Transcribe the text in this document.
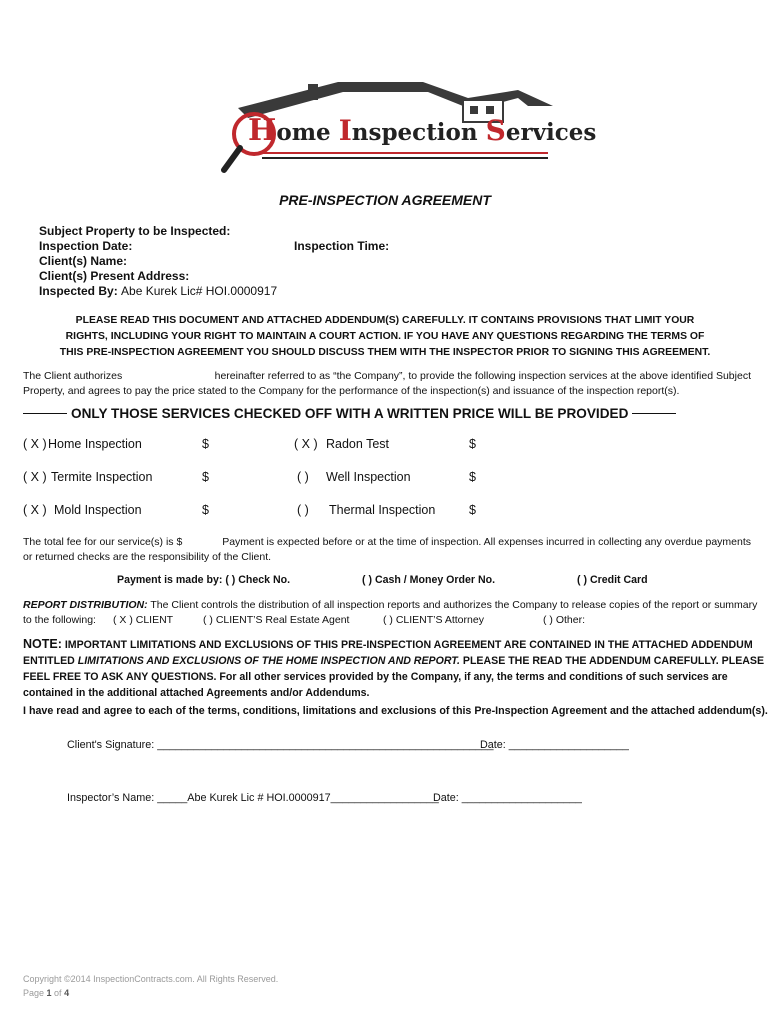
Home Inspection Services
PRE-INSPECTION AGREEMENT
Subject Property to be Inspected:
Inspection Date:	Inspection Time:
Client(s) Name:
Client(s) Present Address:
Inspected By: Abe Kurek Lic# HOI.0000917
PLEASE READ THIS DOCUMENT AND ATTACHED ADDENDUM(S) CAREFULLY. IT CONTAINS PROVISIONS THAT LIMIT YOUR
RIGHTS, INCLUDING YOUR RIGHT TO MAINTAIN A COURT ACTION. IF YOU HAVE ANY QUESTIONS REGARDING THE TERMS OF
THIS PRE-INSPECTION AGREEMENT YOU SHOULD DISCUSS THEM WITH THE INSPECTOR PRIOR TO SIGNING THIS AGREEMENT.
The Client authorizes	hereinafter referred to as “the Company”, to provide the following inspection services at the above identified Subject
Property, and agrees to pay the price stated to the Company for the performance of the inspection(s) and issuance of the inspection report(s).
ONLY THOSE SERVICES CHECKED OFF WITH A WRITTEN PRICE WILL BE PROVIDED
( X ) Home Inspection	$	( X ) Radon Test	$
( X ) Termite Inspection	$	( ) Well Inspection	$
( X ) Mold Inspection	$	( ) Thermal Inspection	$
The total fee for our service(s) is $	Payment is expected before or at the time of inspection. All expenses incurred in collecting any overdue payments
or returned checks are the responsibility of the Client.
Payment is made by: ( ) Check No.	( ) Cash / Money Order No.	( ) Credit Card
REPORT DISTRIBUTION: The Client controls the distribution of all inspection reports and authorizes the Company to release copies of the report or summary
to the following: ( X ) CLIENT	( ) CLIENT’S Real Estate Agent	( ) CLIENT’S Attorney	( ) Other:
NOTE: IMPORTANT LIMITATIONS AND EXCLUSIONS OF THIS PRE-INSPECTION AGREEMENT ARE CONTAINED IN THE ATTACHED ADDENDUM
ENTITLED LIMITATIONS AND EXCLUSIONS OF THE HOME INSPECTION AND REPORT. PLEASE THE READ THE ADDENDUM CAREFULLY. PLEASE
FEEL FREE TO ASK ANY QUESTIONS. For all other services provided by the Company, if any, the terms and conditions of such services are
contained in the additional attached Agreements and/or Addendums.
I have read and agree to each of the terms, conditions, limitations and exclusions of this Pre-Inspection Agreement and the attached addendum(s).
Client's Signature: ________________________________________________________
Date: ____________________
Inspector’s Name: _____Abe Kurek Lic # HOI.0000917__________________
Date: ____________________
Copyright ©2014 InspectionContracts.com. All Rights Reserved.
Page 1 of 4
